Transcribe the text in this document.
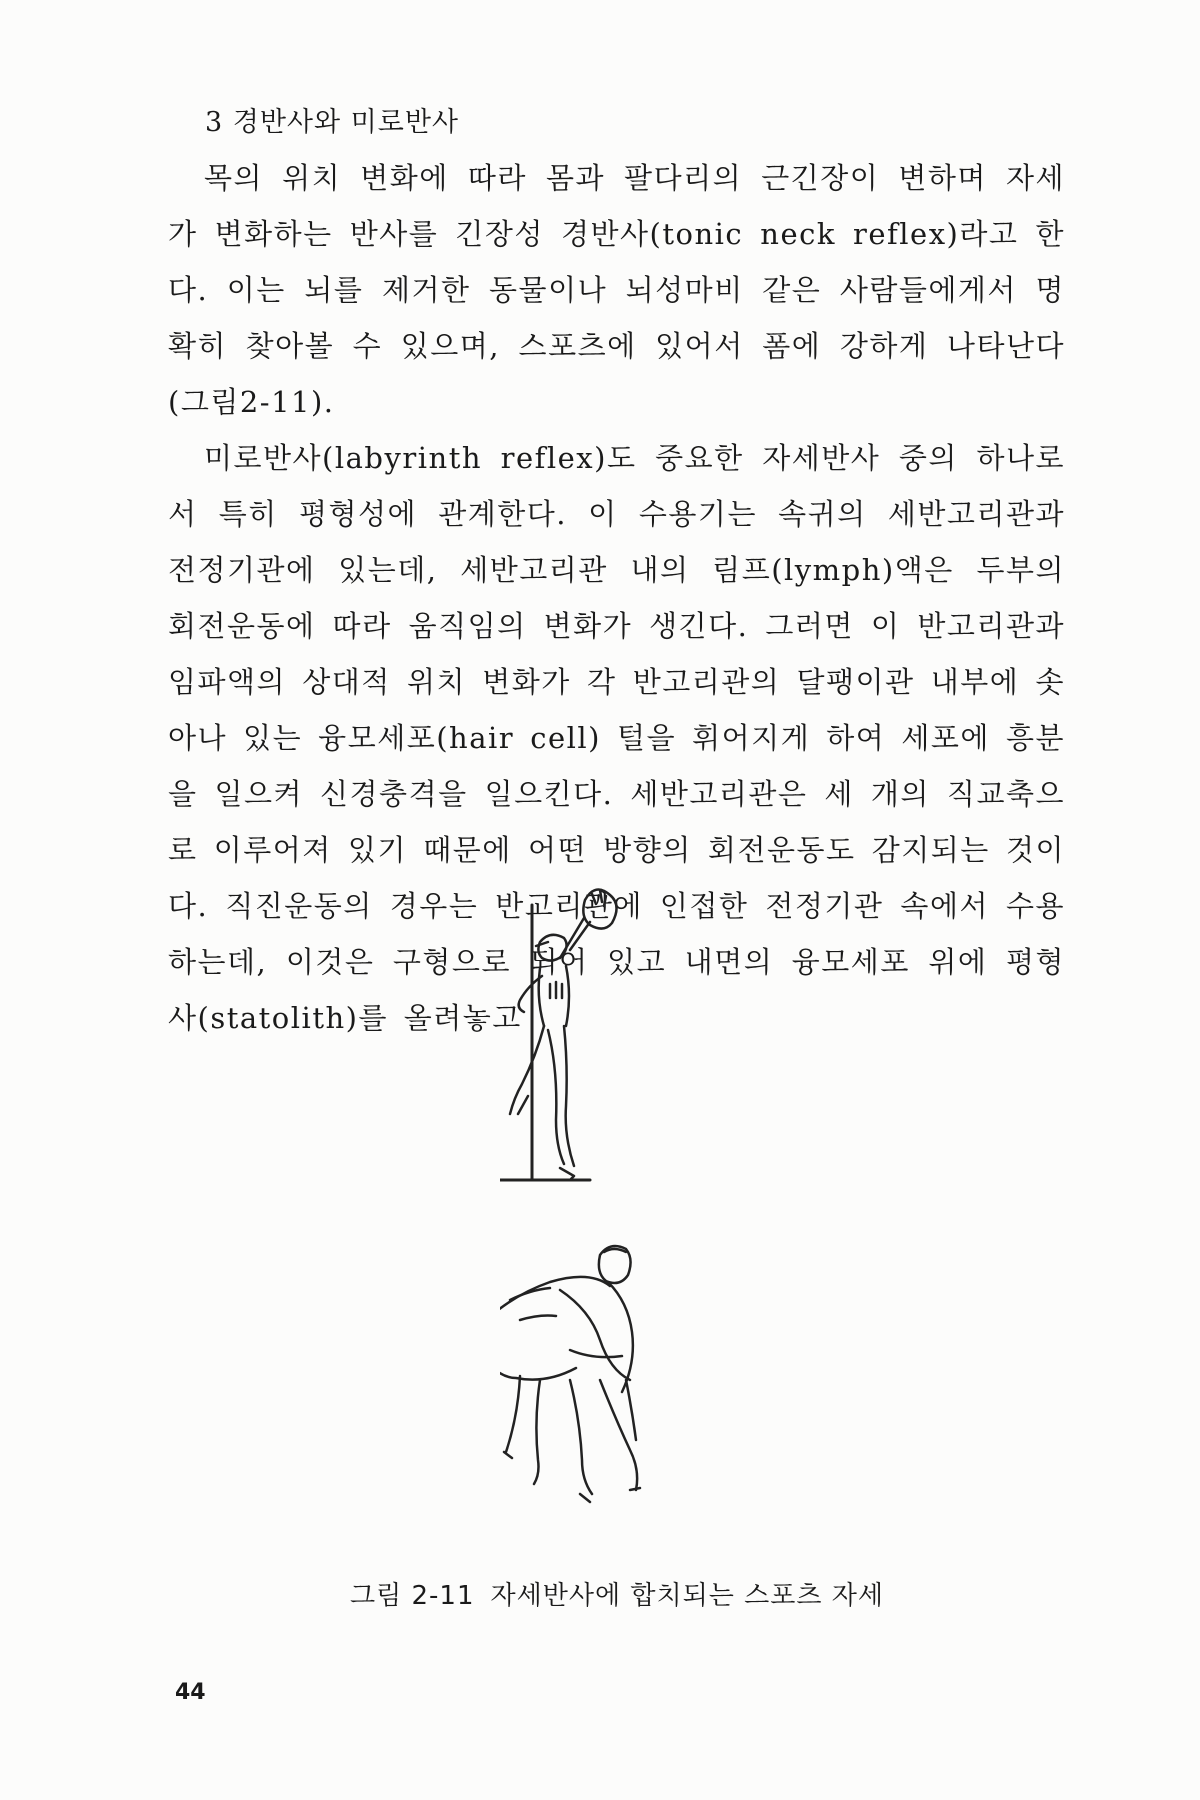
3 경반사와 미로반사

목의 위치 변화에 따라 몸과 팔다리의 근긴장이 변하며 자세가 변화하는 반사를 긴장성 경반사(tonic neck reflex)라고 한다. 이는 뇌를 제거한 동물이나 뇌성마비 같은 사람들에게서 명확히 찾아볼 수 있으며, 스포츠에 있어서 폼에 강하게 나타난다(그림2-11).

미로반사(labyrinth reflex)도 중요한 자세반사 중의 하나로서 특히 평형성에 관계한다. 이 수용기는 속귀의 세반고리관과 전정기관에 있는데, 세반고리관 내의 림프(lymph)액은 두부의 회전운동에 따라 움직임의 변화가 생긴다. 그러면 이 반고리관과 임파액의 상대적 위치 변화가 각 반고리관의 달팽이관 내부에 솟아나 있는 융모세포(hair cell) 털을 휘어지게 하여 세포에 흥분을 일으켜 신경충격을 일으킨다. 세반고리관은 세 개의 직교축으로 이루어져 있기 때문에 어떤 방향의 회전운동도 감지되는 것이다. 직진운동의 경우는 반고리관에 인접한 전정기관 속에서 수용하는데, 이것은 구형으로 되어 있고 내면의 융모세포 위에 평형사(statolith)를 올려놓고

그림 2-11 자세반사에 합치되는 스포츠 자세
44
